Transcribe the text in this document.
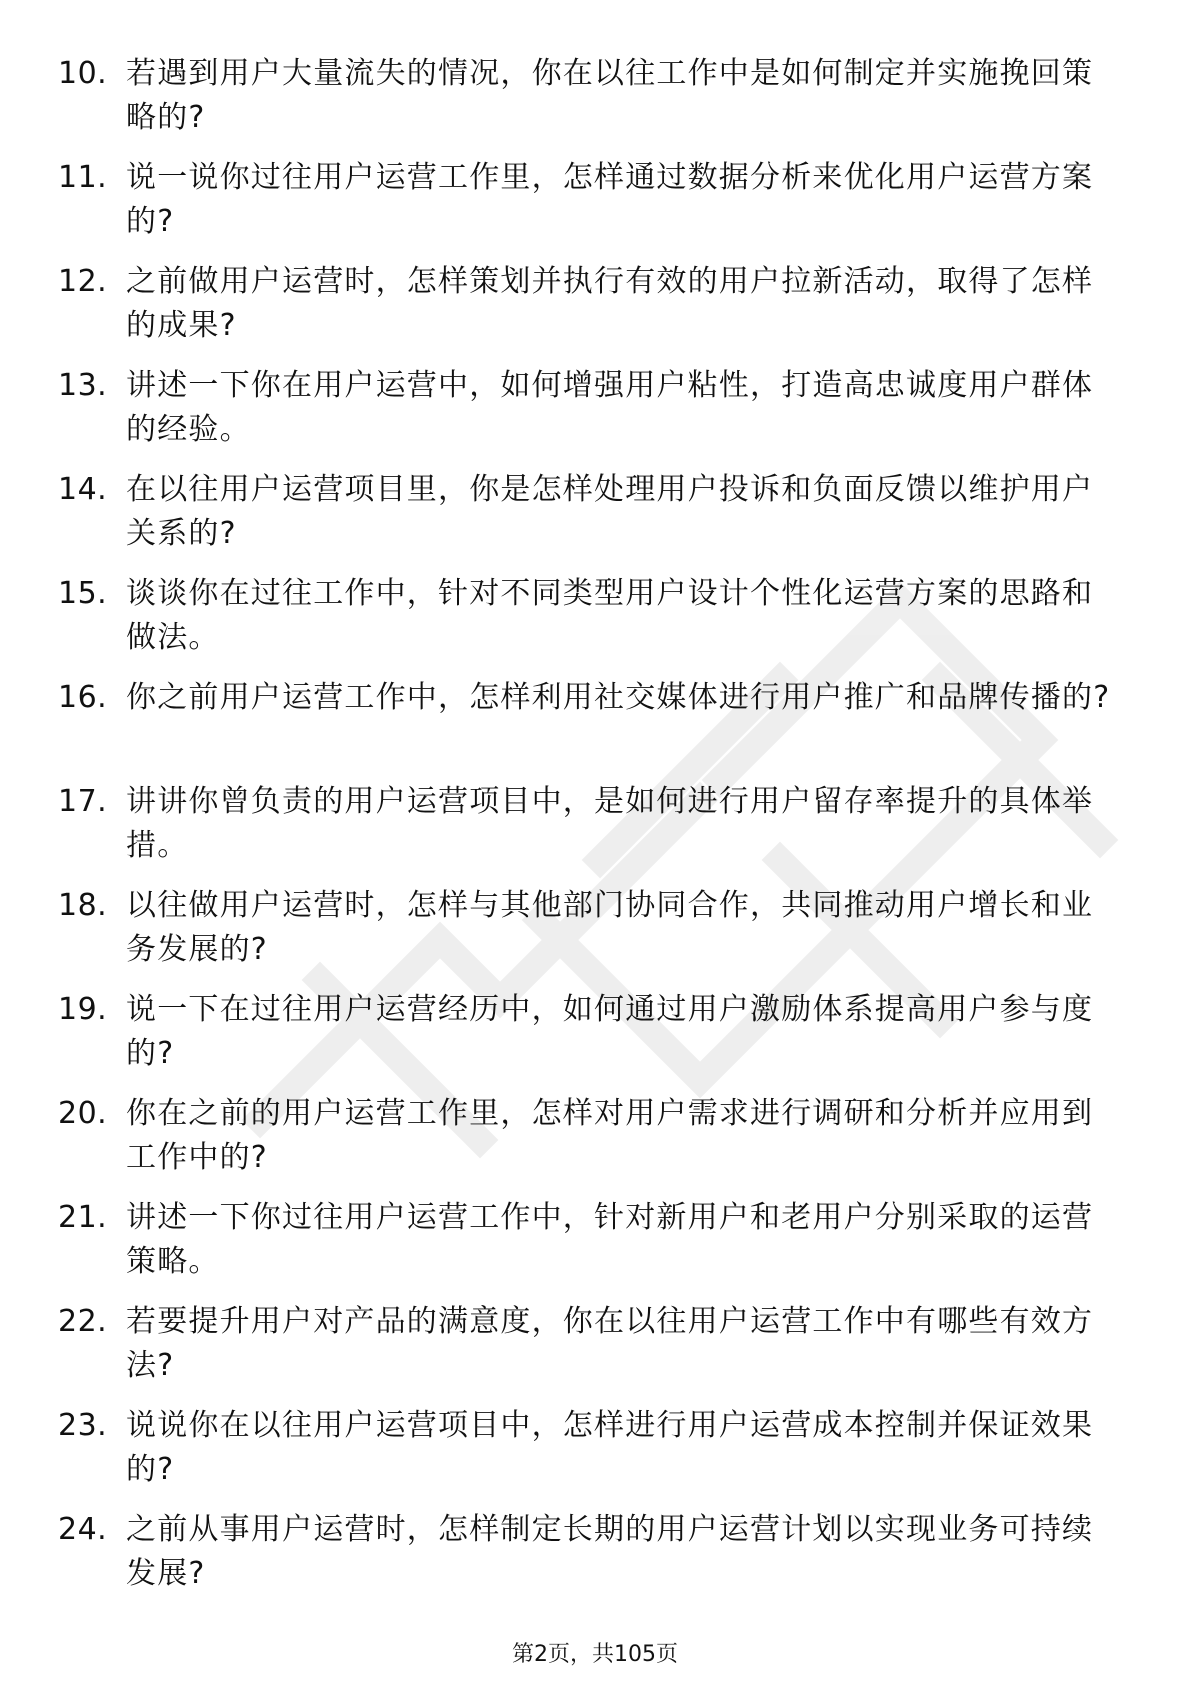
10. 若遇到用户大量流失的情况，你在以往工作中是如何制定并实施挽回策略的?
11. 说一说你过往用户运营工作里，怎样通过数据分析来优化用户运营方案的?
12. 之前做用户运营时，怎样策划并执行有效的用户拉新活动，取得了怎样的成果?
13. 讲述一下你在用户运营中，如何增强用户粘性，打造高忠诚度用户群体的经验。
14. 在以往用户运营项目里，你是怎样处理用户投诉和负面反馈以维护用户关系的?
15. 谈谈你在过往工作中，针对不同类型用户设计个性化运营方案的思路和做法。
16. 你之前用户运营工作中，怎样利用社交媒体进行用户推广和品牌传播的?
17. 讲讲你曾负责的用户运营项目中，是如何进行用户留存率提升的具体举措。
18. 以往做用户运营时，怎样与其他部门协同合作，共同推动用户增长和业务发展的?
19. 说一下在过往用户运营经历中，如何通过用户激励体系提高用户参与度的?
20. 你在之前的用户运营工作里，怎样对用户需求进行调研和分析并应用到工作中的?
21. 讲述一下你过往用户运营工作中，针对新用户和老用户分别采取的运营策略。
22. 若要提升用户对产品的满意度，你在以往用户运营工作中有哪些有效方法?
23. 说说你在以往用户运营项目中，怎样进行用户运营成本控制并保证效果的?
24. 之前从事用户运营时，怎样制定长期的用户运营计划以实现业务可持续发展?
第2页，共105页
